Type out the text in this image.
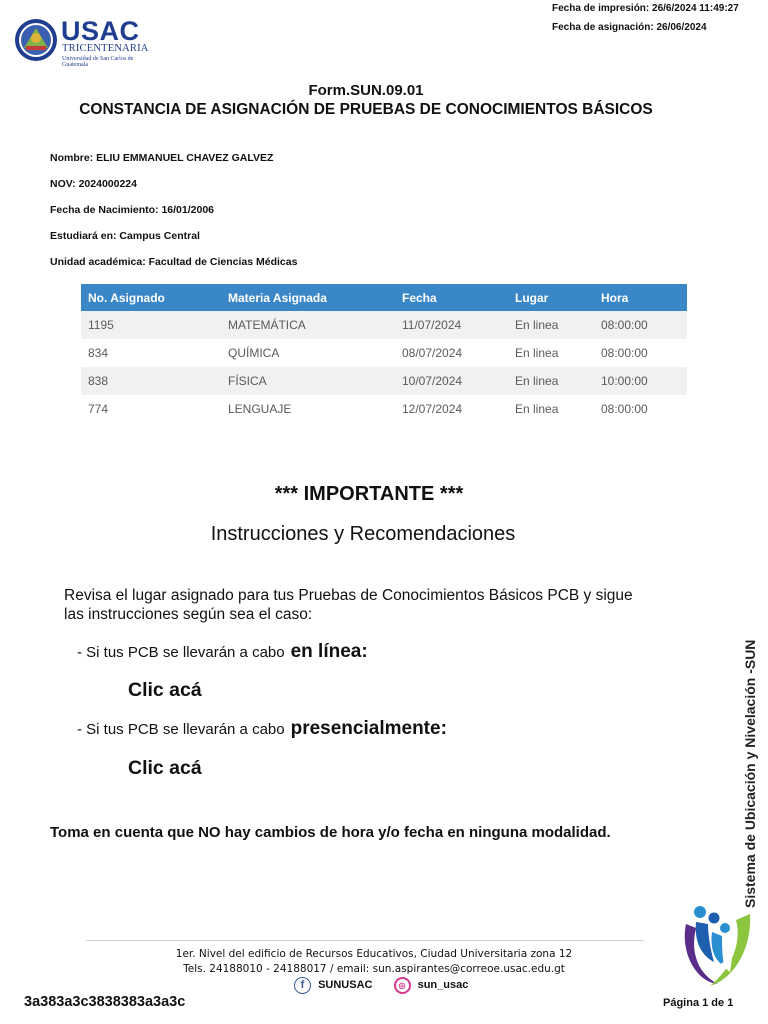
USAC
TRICENTENARIA
Universidad de San Carlos de Guatemala
Fecha de impresión: 26/6/2024 11:49:27
Fecha de asignación: 26/06/2024
Form.SUN.09.01
CONSTANCIA DE ASIGNACIÓN DE PRUEBAS DE CONOCIMIENTOS BÁSICOS
Nombre: ELIU EMMANUEL CHAVEZ GALVEZ
NOV: 2024000224
Fecha de Nacimiento: 16/01/2006
Estudiará en: Campus Central
Unidad académica: Facultad de Ciencias Médicas
No. Asignado	Materia Asignada	Fecha	Lugar	Hora
1195	MATEMÁTICA	11/07/2024	En linea	08:00:00
834	QUÍMICA	08/07/2024	En linea	08:00:00
838	FÍSICA	10/07/2024	En linea	10:00:00
774	LENGUAJE	12/07/2024	En linea	08:00:00
*** IMPORTANTE ***
Instrucciones y Recomendaciones
Revisa el lugar asignado para tus Pruebas de Conocimientos Básicos PCB y sigue las instrucciones según sea el caso:
- Si tus PCB se llevarán a cabo en línea:
Clic acá
- Si tus PCB se llevarán a cabo presencialmente:
Clic acá
Toma en cuenta que NO hay cambios de hora y/o fecha en ninguna modalidad.	Sistema de Ubicación y Nivelación -SUN
1er. Nivel del edificio de Recursos Educativos, Ciudad Universitaria zona 12
Tels. 24188010 - 24188017 / email: sun.aspirantes@correoe.usac.edu.gt
f SUNUSAC	◎ sun_usac
3a383a3c3838383a3a3c	Página 1 de 1
